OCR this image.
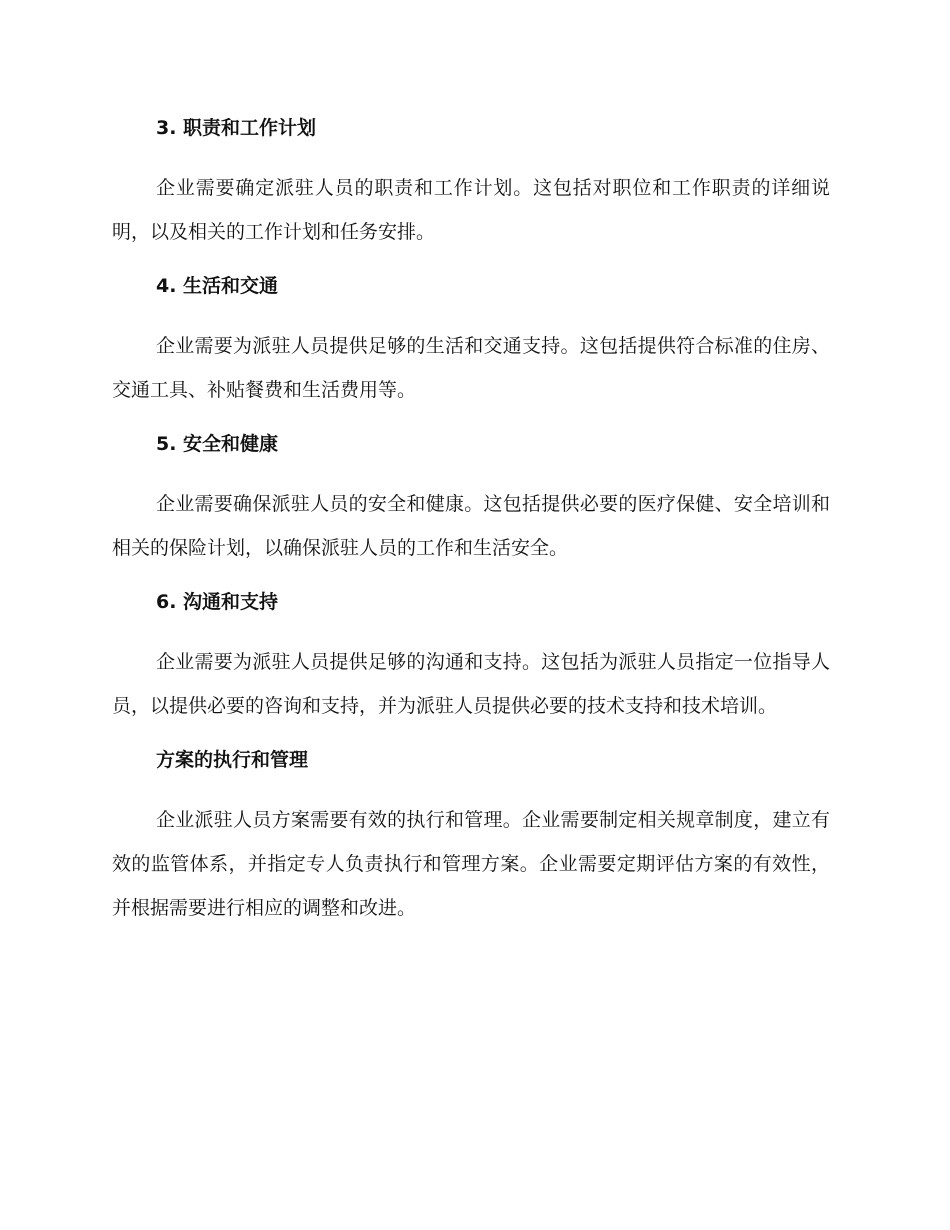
3. 职责和工作计划

企业需要确定派驻人员的职责和工作计划。这包括对职位和工作职责的详细说明，以及相关的工作计划和任务安排。

4. 生活和交通

企业需要为派驻人员提供足够的生活和交通支持。这包括提供符合标准的住房、交通工具、补贴餐费和生活费用等。

5. 安全和健康

企业需要确保派驻人员的安全和健康。这包括提供必要的医疗保健、安全培训和相关的保险计划，以确保派驻人员的工作和生活安全。

6. 沟通和支持

企业需要为派驻人员提供足够的沟通和支持。这包括为派驻人员指定一位指导人员，以提供必要的咨询和支持，并为派驻人员提供必要的技术支持和技术培训。

方案的执行和管理

企业派驻人员方案需要有效的执行和管理。企业需要制定相关规章制度，建立有效的监管体系，并指定专人负责执行和管理方案。企业需要定期评估方案的有效性，并根据需要进行相应的调整和改进。
